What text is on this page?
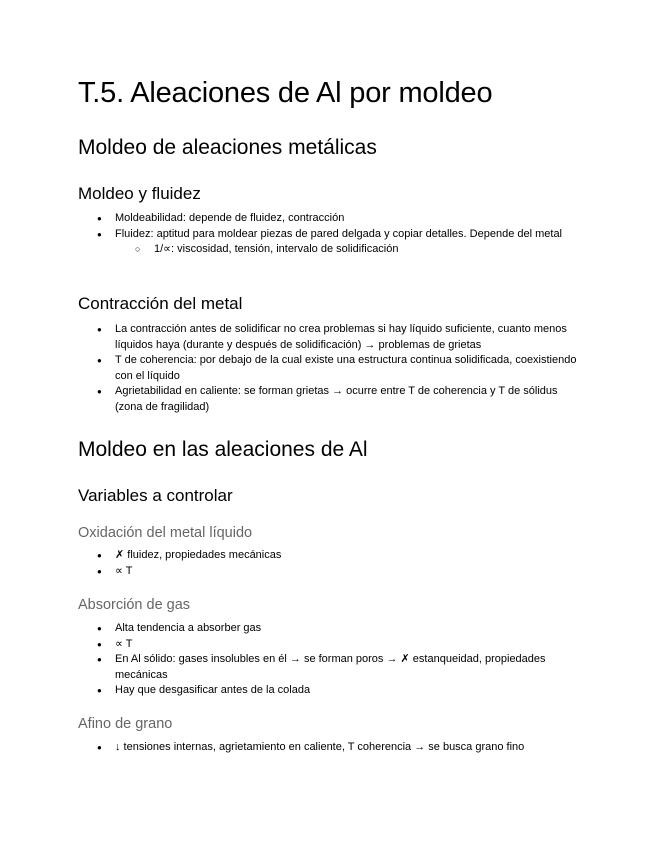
T.5. Aleaciones de Al por moldeo
Moldeo de aleaciones metálicas
Moldeo y fluidez
● Moldeabilidad: depende de fluidez, contracción
● Fluidez: aptitud para moldear piezas de pared delgada y copiar detalles. Depende del metal
○ 1/∝: viscosidad, tensión, intervalo de solidificación
Contracción del metal
● La contracción antes de solidificar no crea problemas si hay líquido suficiente, cuanto menos líquidos haya (durante y después de solidificación) → problemas de grietas
● T de coherencia: por debajo de la cual existe una estructura continua solidificada, coexistiendo con el líquido
● Agrietabilidad en caliente: se forman grietas → ocurre entre T de coherencia y T de sólidus (zona de fragilidad)
Moldeo en las aleaciones de Al
Variables a controlar
Oxidación del metal líquido
● ✗ fluidez, propiedades mecánicas
● ∝ T
Absorción de gas
● Alta tendencia a absorber gas
● ∝ T
● En Al sólido: gases insolubles en él → se forman poros → ✗ estanqueidad, propiedades mecánicas
● Hay que desgasificar antes de la colada
Afino de grano
● ↓ tensiones internas, agrietamiento en caliente, T coherencia → se busca grano fino
